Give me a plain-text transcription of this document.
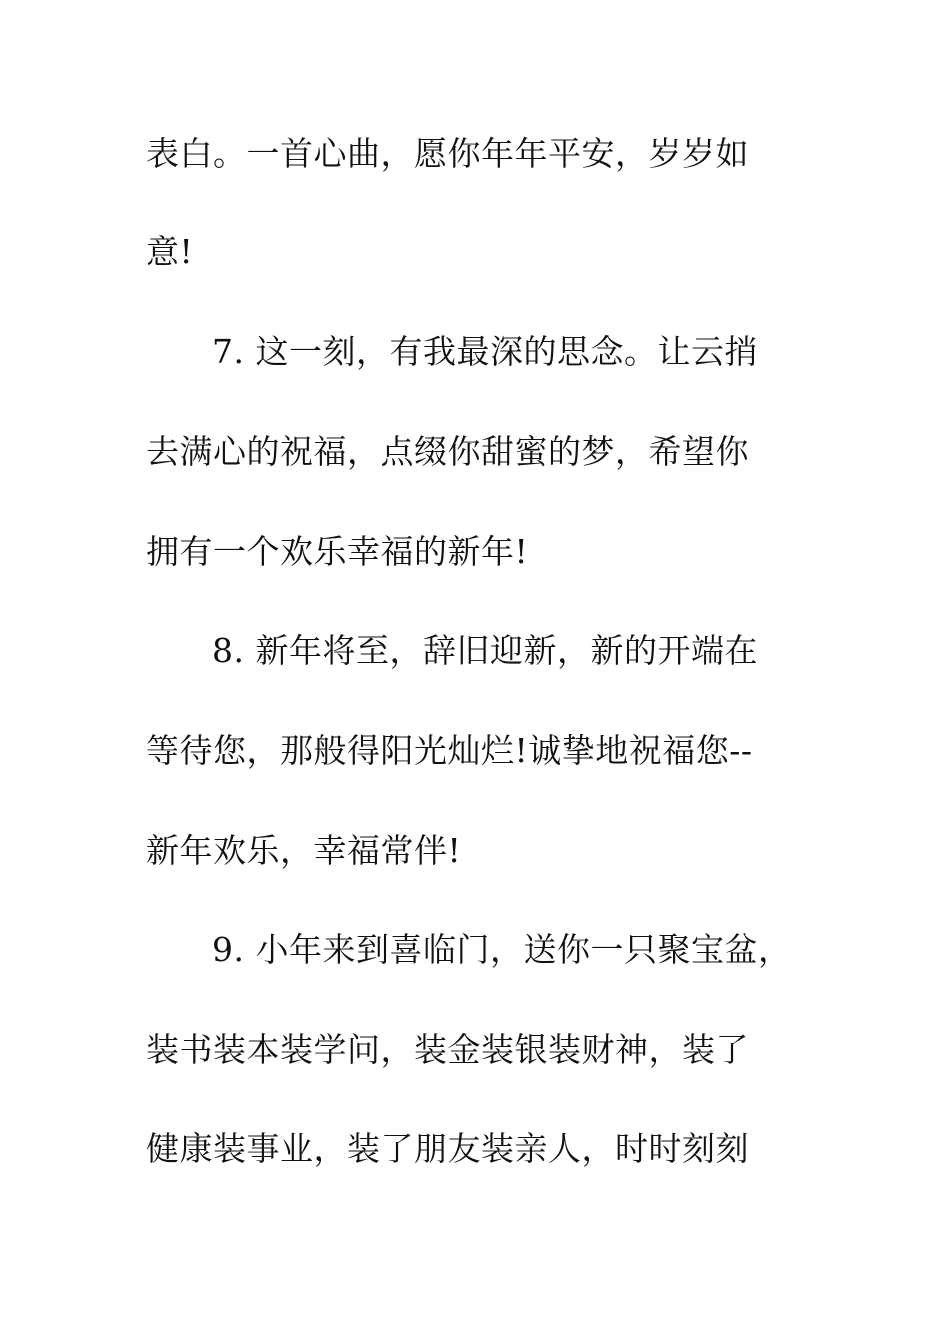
表白。一首心曲，愿你年年平安，岁岁如
意!
7. 这一刻，有我最深的思念。让云捎
去满心的祝福，点缀你甜蜜的梦，希望你
拥有一个欢乐幸福的新年!
8. 新年将至，辞旧迎新，新的开端在
等待您，那般得阳光灿烂!诚挚地祝福您--
新年欢乐，幸福常伴!
9. 小年来到喜临门，送你一只聚宝盆，
装书装本装学问，装金装银装财神，装了
健康装事业，装了朋友装亲人，时时刻刻
